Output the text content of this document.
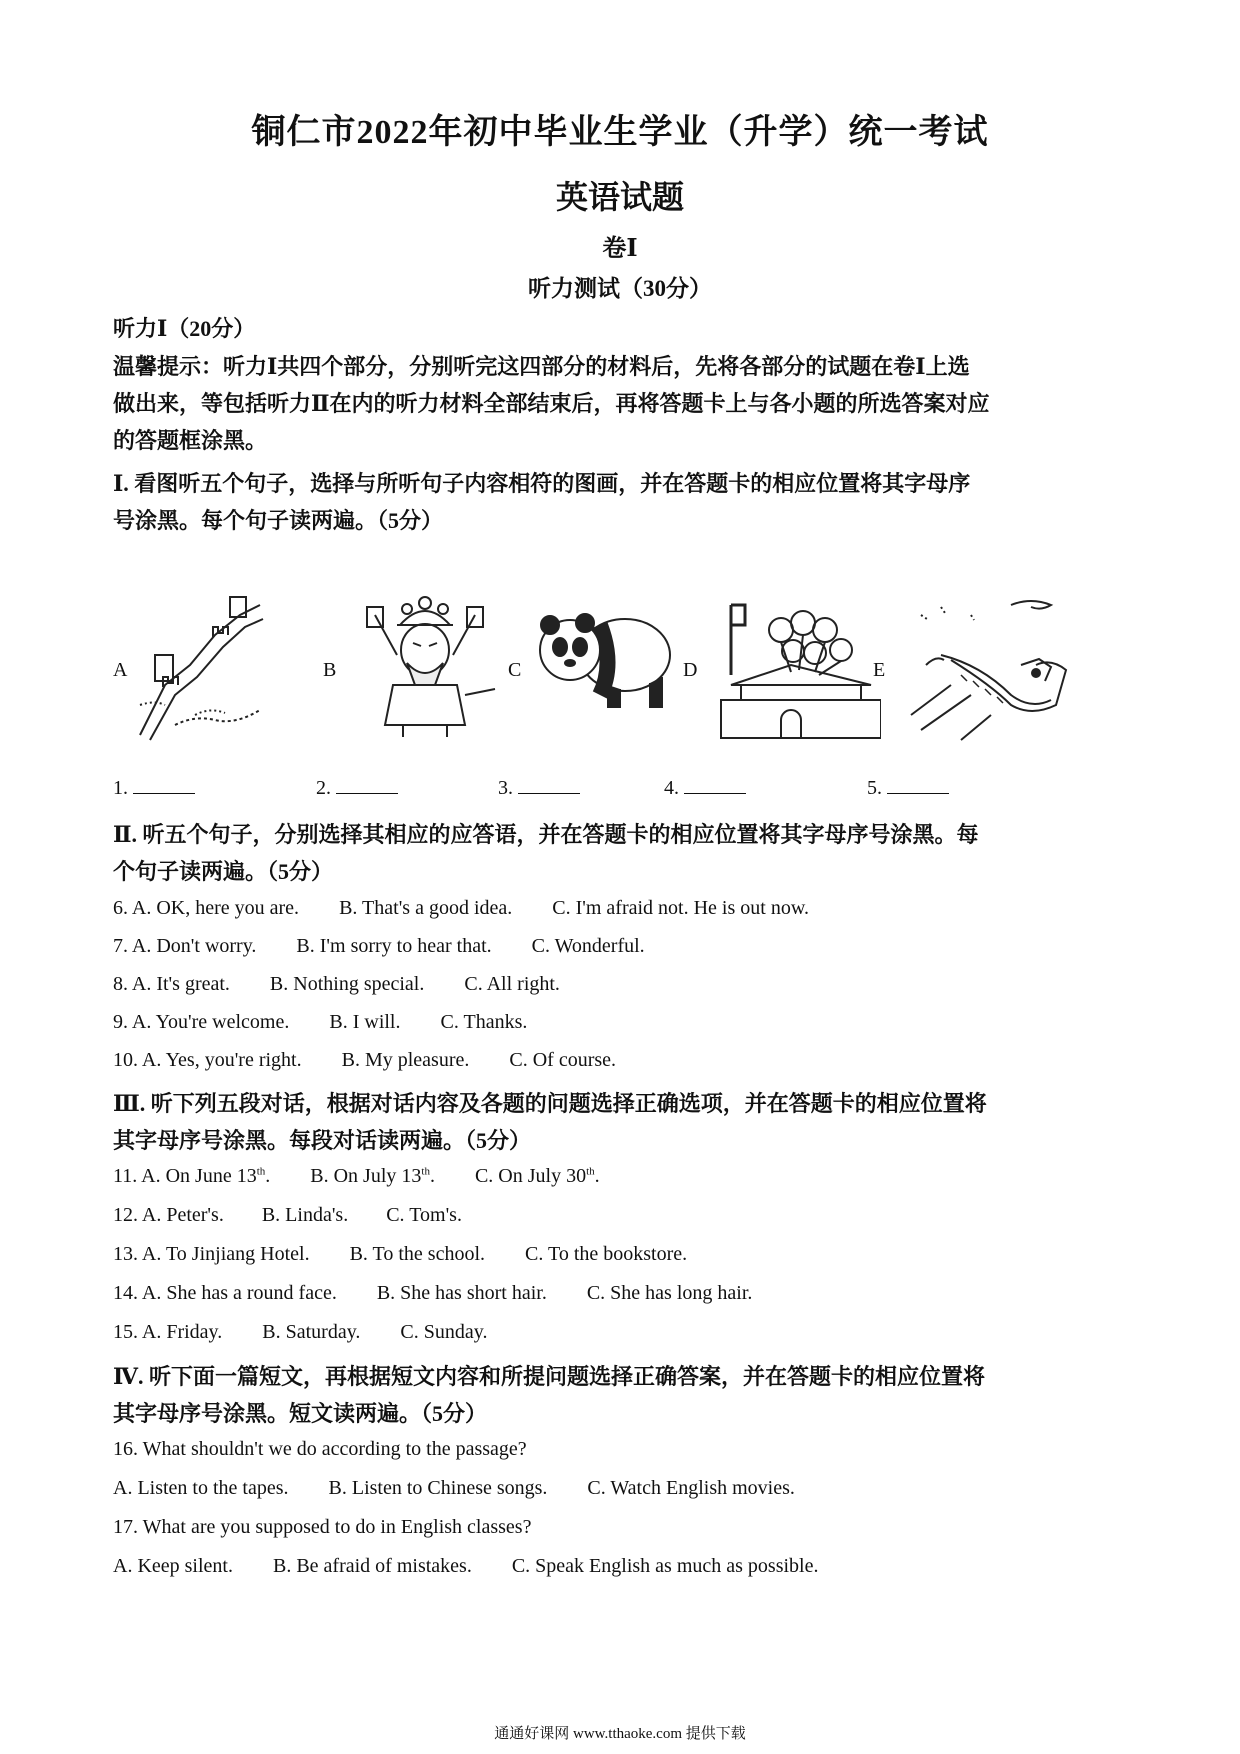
铜仁市2022年初中毕业生学业（升学）统一考试
英语试题
卷Ⅰ
听力测试（30分）
听力Ⅰ（20分）
温馨提示：听力Ⅰ共四个部分，分别听完这四部分的材料后，先将各部分的试题在卷Ⅰ上选
做出来，等包括听力Ⅱ在内的听力材料全部结束后，再将答题卡上与各小题的所选答案对应
的答题框涂黑。
Ⅰ. 看图听五个句子，选择与所听句子内容相符的图画，并在答题卡的相应位置将其字母序
号涂黑。每个句子读两遍。（5分）
A	B	C	D	E
1.	2.	3.	4.	5.
Ⅱ. 听五个句子，分别选择其相应的应答语，并在答题卡的相应位置将其字母序号涂黑。每
个句子读两遍。（5分）
6. A. OK, here you are. B. That's a good idea. C. I'm afraid not. He is out now.
7. A. Don't worry. B. I'm sorry to hear that. C. Wonderful.
8. A. It's great. B. Nothing special. C. All right.
9. A. You're welcome. B. I will. C. Thanks.
10. A. Yes, you're right. B. My pleasure. C. Of course.
Ⅲ. 听下列五段对话，根据对话内容及各题的问题选择正确选项，并在答题卡的相应位置将
其字母序号涂黑。每段对话读两遍。（5分）
11. A. On June 13th. B. On July 13th. C. On July 30th.
12. A. Peter's. B. Linda's. C. Tom's.
13. A. To Jinjiang Hotel. B. To the school. C. To the bookstore.
14. A. She has a round face. B. She has short hair. C. She has long hair.
15. A. Friday. B. Saturday. C. Sunday.
Ⅳ. 听下面一篇短文，再根据短文内容和所提问题选择正确答案，并在答题卡的相应位置将
其字母序号涂黑。短文读两遍。（5分）
16. What shouldn't we do according to the passage?
A. Listen to the tapes. B. Listen to Chinese songs. C. Watch English movies.
17. What are you supposed to do in English classes?
A. Keep silent. B. Be afraid of mistakes. C. Speak English as much as possible.
通通好课网 www.tthaoke.com 提供下载
